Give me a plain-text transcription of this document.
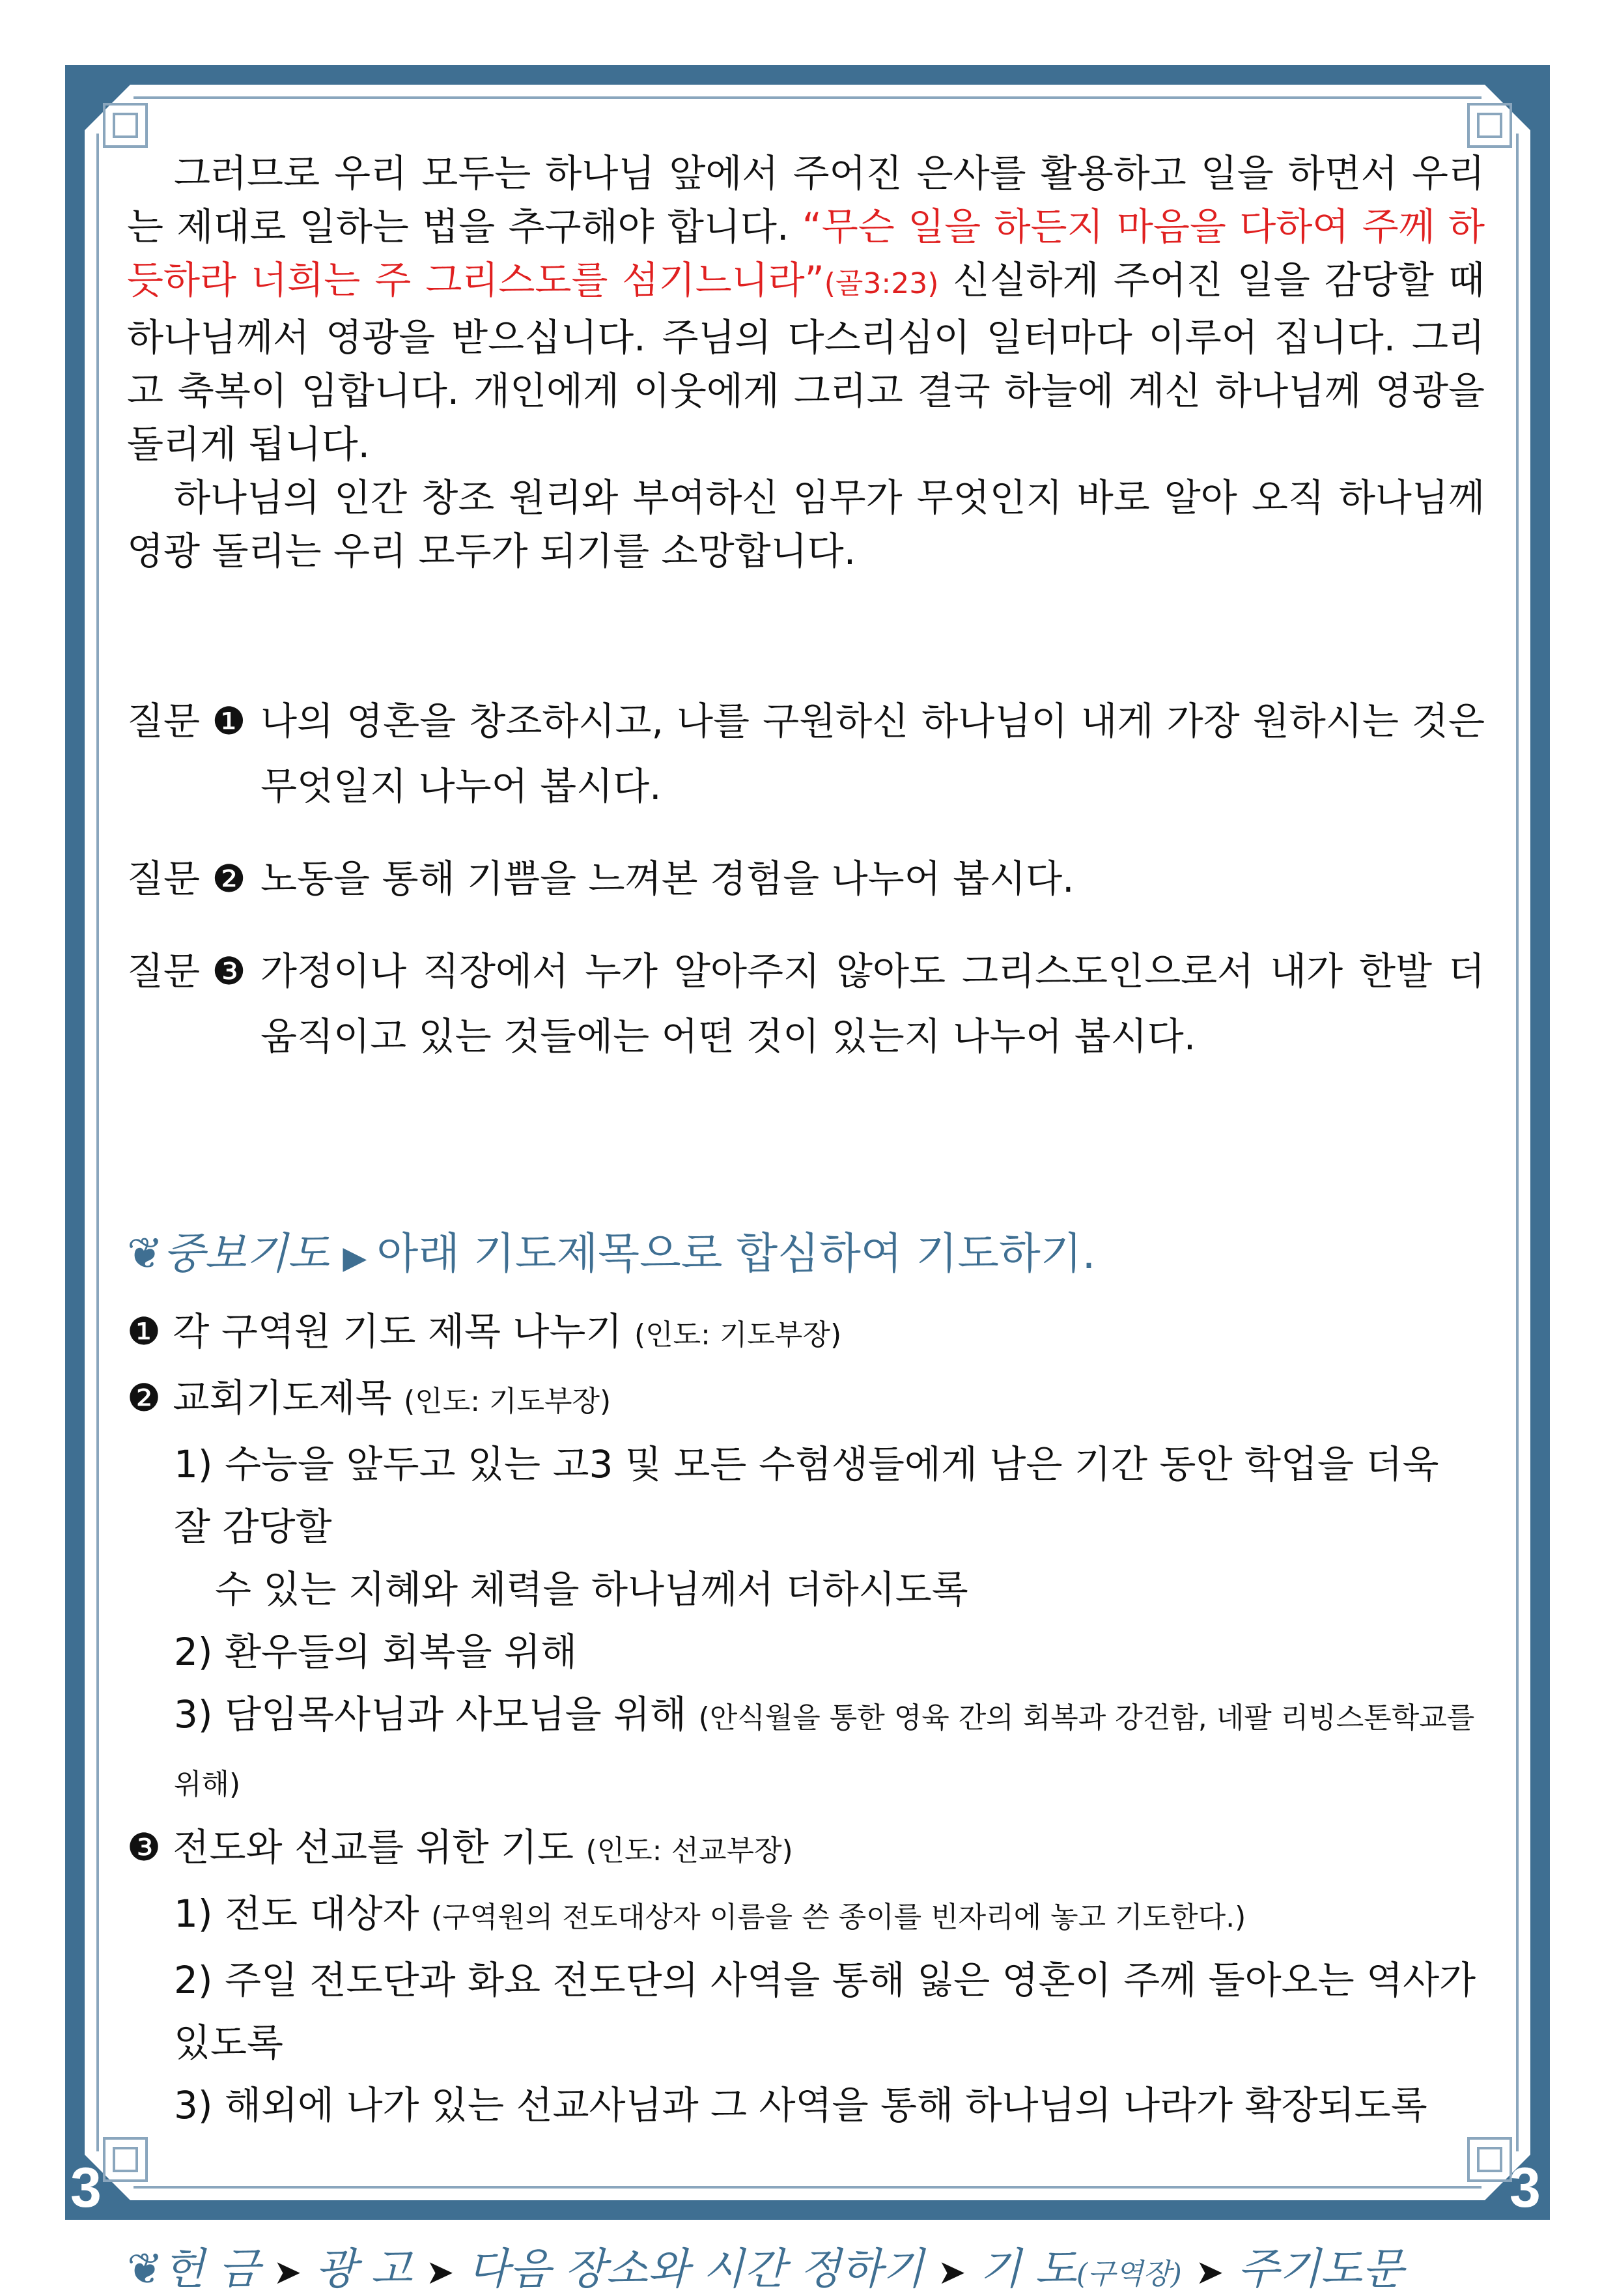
3	3

그러므로 우리 모두는 하나님 앞에서 주어진 은사를 활용하고 일을 하면서 우리는 제대로 일하는 법을 추구해야 합니다. “무슨 일을 하든지 마음을 다하여 주께 하듯하라 너희는 주 그리스도를 섬기느니라”(골3:23) 신실하게 주어진 일을 감당할 때 하나님께서 영광을 받으십니다. 주님의 다스리심이 일터마다 이루어 집니다. 그리고 축복이 임합니다. 개인에게 이웃에게 그리고 결국 하늘에 계신 하나님께 영광을 돌리게 됩니다.

하나님의 인간 창조 원리와 부여하신 임무가 무엇인지 바로 알아 오직 하나님께 영광 돌리는 우리 모두가 되기를 소망합니다.

질문 ❶ 나의 영혼을 창조하시고, 나를 구원하신 하나님이 내게 가장 원하시는 것은 무엇일지 나누어 봅시다.
질문 ❷ 노동을 통해 기쁨을 느껴본 경험을 나누어 봅시다.
질문 ❸ 가정이나 직장에서 누가 알아주지 않아도 그리스도인으로서 내가 한발 더 움직이고 있는 것들에는 어떤 것이 있는지 나누어 봅시다.

❦중보기도 ▶ 아래 기도제목으로 합심하여 기도하기.

❶ 각 구역원 기도 제목 나누기 (인도: 기도부장)

❷ 교회기도제목 (인도: 기도부장)

1) 수능을 앞두고 있는 고3 및 모든 수험생들에게 남은 기간 동안 학업을 더욱 잘 감당할

수 있는 지혜와 체력을 하나님께서 더하시도록

2) 환우들의 회복을 위해

3) 담임목사님과 사모님을 위해 (안식월을 통한 영육 간의 회복과 강건함, 네팔 리빙스톤학교를 위해)

❸ 전도와 선교를 위한 기도 (인도: 선교부장)

1) 전도 대상자 (구역원의 전도대상자 이름을 쓴 종이를 빈자리에 놓고 기도한다.)

2) 주일 전도단과 화요 전도단의 사역을 통해 잃은 영혼이 주께 돌아오는 역사가 있도록

3) 해외에 나가 있는 선교사님과 그 사역을 통해 하나님의 나라가 확장되도록

❦헌 금 ➤ 광 고 ➤ 다음 장소와 시간 정하기 ➤ 기 도(구역장) ➤ 주기도문
